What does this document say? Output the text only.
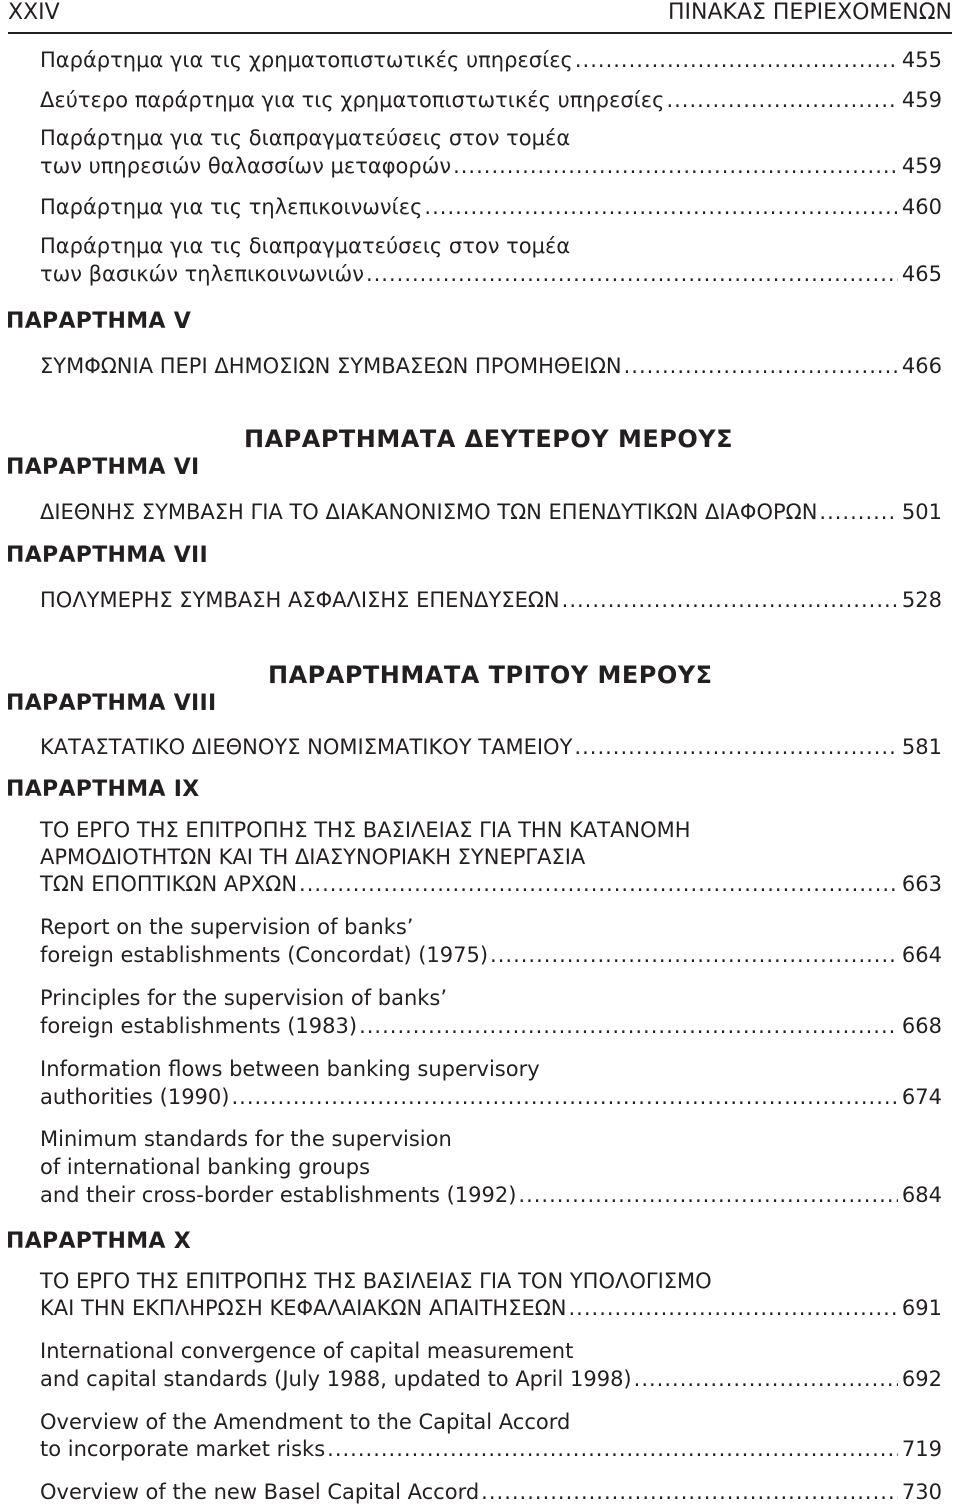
XXIV	ΠΙΝΑΚΑΣ ΠΕΡΙΕΧΟΜΕΝΩΝ
Παράρτημα για τις χρηματοπιστωτικές υπηρεσίες .....	455
Δεύτερο παράρτημα για τις χρηματοπιστωτικές υπηρεσίες .....	459
Παράρτημα για τις διαπραγματεύσεις στον τομέα
των υπηρεσιών θαλασσίων μεταφορών .....	459
Παράρτημα για τις τηλεπικοινωνίες .....	460
Παράρτημα για τις διαπραγματεύσεις στον τομέα
των βασικών τηλεπικοινωνιών .....	465
ΠΑΡΑΡΤΗΜΑ V
ΣΥΜΦΩΝΙΑ ΠΕΡΙ ΔΗΜΟΣΙΩΝ ΣΥΜΒΑΣΕΩΝ ΠΡΟΜΗΘΕΙΩΝ .....	466
ΠΑΡΑΡΤΗΜΑΤΑ ΔΕΥΤΕΡΟΥ ΜΕΡΟΥΣ
ΠΑΡΑΡΤΗΜΑ VI
ΔΙΕΘΝΗΣ ΣΥΜΒΑΣΗ ΓΙΑ ΤΟ ΔΙΑΚΑΝΟΝΙΣΜΟ ΤΩΝ ΕΠΕΝΔΥΤΙΚΩΝ ΔΙΑΦΟΡΩΝ .....	501
ΠΑΡΑΡΤΗΜΑ VII
ΠΟΛΥΜΕΡΗΣ ΣΥΜΒΑΣΗ ΑΣΦΑΛΙΣΗΣ ΕΠΕΝΔΥΣΕΩΝ .....	528
ΠΑΡΑΡΤΗΜΑΤΑ ΤΡΙΤΟΥ ΜΕΡΟΥΣ
ΠΑΡΑΡΤΗΜΑ VIII
ΚΑΤΑΣΤΑΤΙΚΟ ΔΙΕΘΝΟΥΣ ΝΟΜΙΣΜΑΤΙΚΟΥ ΤΑΜΕΙΟΥ .....	581
ΠΑΡΑΡΤΗΜΑ IX
ΤΟ ΕΡΓΟ ΤΗΣ ΕΠΙΤΡΟΠΗΣ ΤΗΣ ΒΑΣΙΛΕΙΑΣ ΓΙΑ ΤΗΝ ΚΑΤΑΝΟΜΗ
ΑΡΜΟΔΙΟΤΗΤΩΝ ΚΑΙ ΤΗ ΔΙΑΣΥΝΟΡΙΑΚΗ ΣΥΝΕΡΓΑΣΙΑ
ΤΩΝ ΕΠΟΠΤΙΚΩΝ ΑΡΧΩΝ .....	663
Report on the supervision of banks’
foreign establishments (Concordat) (1975) .....	664
Principles for the supervision of banks’
foreign establishments (1983) .....	668
Information flows between banking supervisory
authorities (1990) .....	674
Minimum standards for the supervision
of international banking groups
and their cross-border establishments (1992) .....	684
ΠΑΡΑΡΤΗΜΑ X
ΤΟ ΕΡΓΟ ΤΗΣ ΕΠΙΤΡΟΠΗΣ ΤΗΣ ΒΑΣΙΛΕΙΑΣ ΓΙΑ ΤΟΝ ΥΠΟΛΟΓΙΣΜΟ
ΚΑΙ ΤΗΝ ΕΚΠΛΗΡΩΣΗ ΚΕΦΑΛΑΙΑΚΩΝ ΑΠΑΙΤΗΣΕΩΝ .....	691
International convergence of capital measurement
and capital standards (July 1988, updated to April 1998) .....	692
Overview of the Amendment to the Capital Accord
to incorporate market risks .....	719
Overview of the new Basel Capital Accord .....	730
